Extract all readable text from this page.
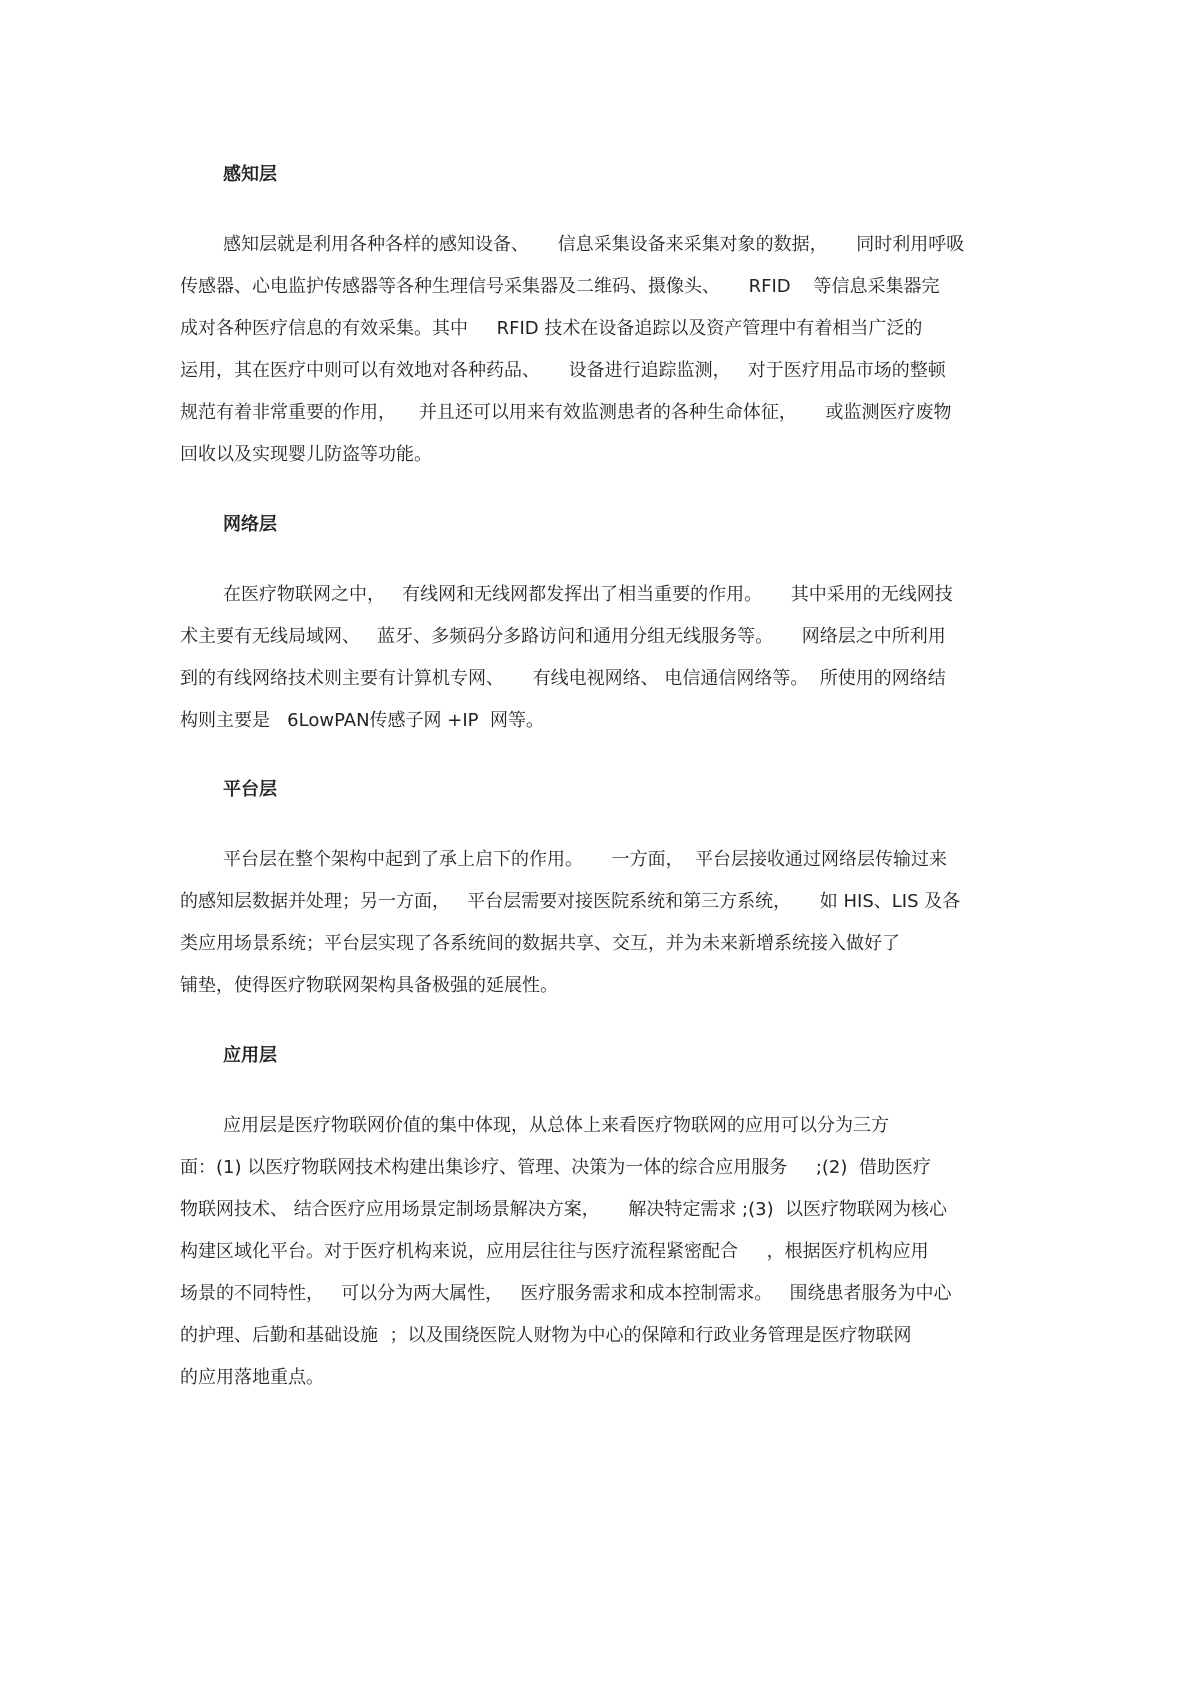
感知层

感知层就是利用各种各样的感知设备、     信息采集设备来采集对象的数据，     同时利用呼吸

传感器、心电监护传感器等各种生理信号采集器及二维码、摄像头、     RFID    等信息采集器完

成对各种医疗信息的有效采集。其中     RFID 技术在设备追踪以及资产管理中有着相当广泛的

运用，其在医疗中则可以有效地对各种药品、     设备进行追踪监测，   对于医疗用品市场的整顿

规范有着非常重要的作用，    并且还可以用来有效监测患者的各种生命体征，     或监测医疗废物

回收以及实现婴儿防盗等功能。

网络层

在医疗物联网之中，   有线网和无线网都发挥出了相当重要的作用。     其中采用的无线网技

术主要有无线局域网、   蓝牙、多频码分多路访问和通用分组无线服务等。     网络层之中所利用

到的有线网络技术则主要有计算机专网、     有线电视网络、 电信通信网络等。  所使用的网络结

构则主要是   6LowPAN传感子网 +IP  网等。

平台层

平台层在整个架构中起到了承上启下的作用。     一方面，  平台层接收通过网络层传输过来

的感知层数据并处理；另一方面，   平台层需要对接医院系统和第三方系统，     如 HIS、LIS 及各

类应用场景系统；平台层实现了各系统间的数据共享、交互，并为未来新增系统接入做好了

铺垫，使得医疗物联网架构具备极强的延展性。

应用层

应用层是医疗物联网价值的集中体现，从总体上来看医疗物联网的应用可以分为三方

面：(1) 以医疗物联网技术构建出集诊疗、管理、决策为一体的综合应用服务     ;(2)  借助医疗

物联网技术、 结合医疗应用场景定制场景解决方案，     解决特定需求 ;(3)  以医疗物联网为核心

构建区域化平台。对于医疗机构来说，应用层往往与医疗流程紧密配合     ，根据医疗机构应用

场景的不同特性，   可以分为两大属性，   医疗服务需求和成本控制需求。   围绕患者服务为中心

的护理、后勤和基础设施  ；以及围绕医院人财物为中心的保障和行政业务管理是医疗物联网

的应用落地重点。
